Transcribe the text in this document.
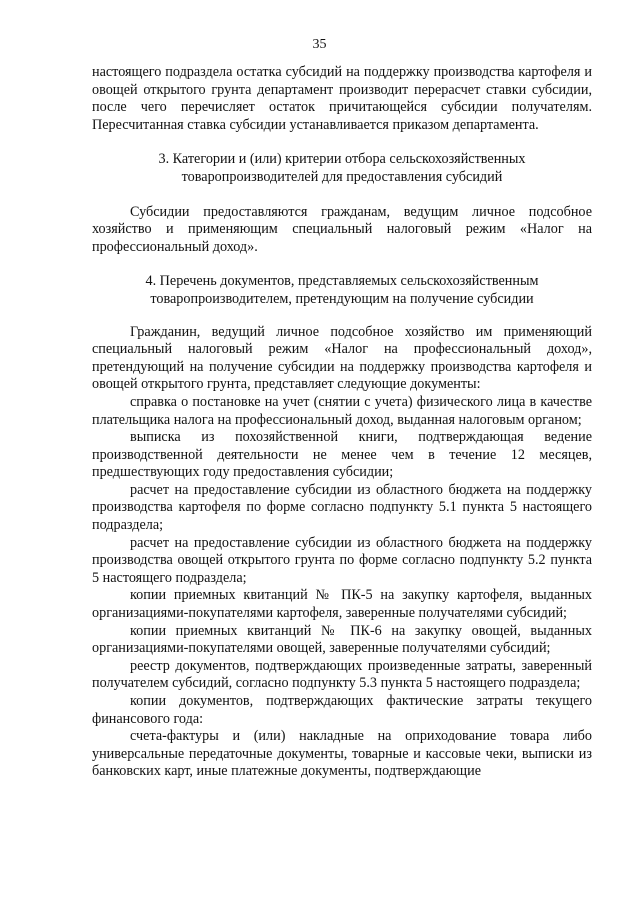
35

настоящего подраздела остатка субсидий на поддержку производства картофеля и овощей открытого грунта департамент производит перерасчет ставки субсидии, после чего перечисляет остаток причитающейся субсидии получателям. Пересчитанная ставка субсидии устанавливается приказом департамента.

3. Категории и (или) критерии отбора сельскохозяйственных товаропроизводителей для предоставления субсидий

Субсидии предоставляются гражданам, ведущим личное подсобное хозяйство и применяющим специальный налоговый режим «Налог на профессиональный доход».

4. Перечень документов, представляемых сельскохозяйственным товаропроизводителем, претендующим на получение субсидии

Гражданин, ведущий личное подсобное хозяйство им применяющий специальный налоговый режим «Налог на профессиональный доход», претендующий на получение субсидии на поддержку производства картофеля и овощей открытого грунта, представляет следующие документы:

справка о постановке на учет (снятии с учета) физического лица в качестве плательщика налога на профессиональный доход, выданная налоговым органом;

выписка из похозяйственной книги, подтверждающая ведение производственной деятельности не менее чем в течение 12 месяцев, предшествующих году предоставления субсидии;

расчет на предоставление субсидии из областного бюджета на поддержку производства картофеля по форме согласно подпункту 5.1 пункта 5 настоящего подраздела;

расчет на предоставление субсидии из областного бюджета на поддержку производства овощей открытого грунта по форме согласно подпункту 5.2 пункта 5 настоящего подраздела;

копии приемных квитанций № ПК-5 на закупку картофеля, выданных организациями-покупателями картофеля, заверенные получателями субсидий;

копии приемных квитанций № ПК-6 на закупку овощей, выданных организациями-покупателями овощей, заверенные получателями субсидий;

реестр документов, подтверждающих произведенные затраты, заверенный получателем субсидий, согласно подпункту 5.3 пункта 5 настоящего подраздела;

копии документов, подтверждающих фактические затраты текущего финансового года:

счета-фактуры и (или) накладные на оприходование товара либо универсальные передаточные документы, товарные и кассовые чеки, выписки из банковских карт, иные платежные документы, подтверждающие
